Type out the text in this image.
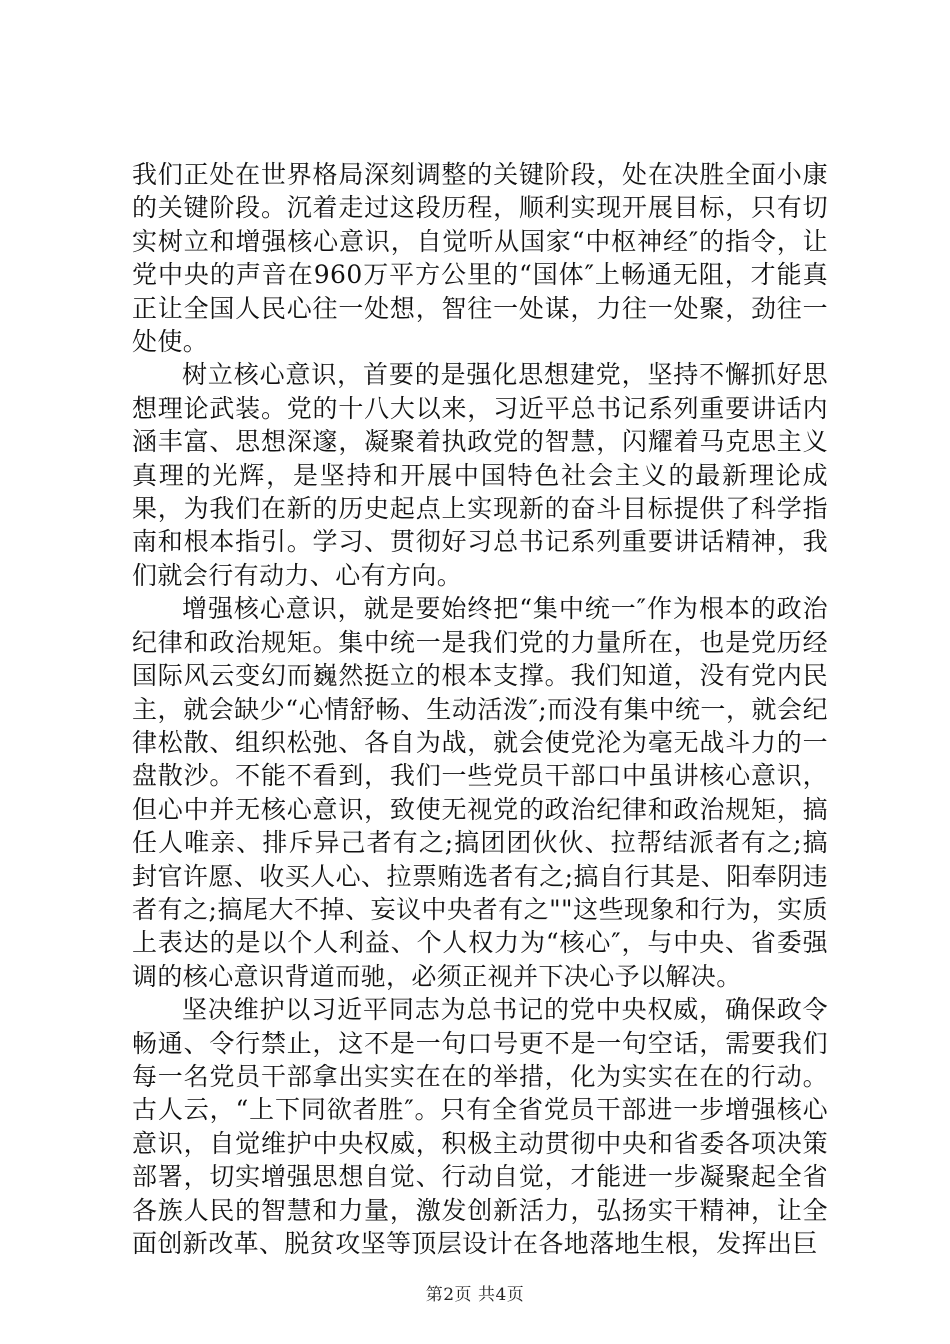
我们正处在世界格局深刻调整的关键阶段，处在决胜全面小康的关键阶段。沉着走过这段历程，顺利实现开展目标，只有切实树立和增强核心意识，自觉听从国家“中枢神经″的指令，让党中央的声音在960万平方公里的“国体″上畅通无阻，才能真正让全国人民心往一处想，智往一处谋，力往一处聚，劲往一处使。

树立核心意识，首要的是强化思想建党，坚持不懈抓好思想理论武装。党的十八大以来，习近平总书记系列重要讲话内涵丰富、思想深邃，凝聚着执政党的智慧，闪耀着马克思主义真理的光辉，是坚持和开展中国特色社会主义的最新理论成果，为我们在新的历史起点上实现新的奋斗目标提供了科学指南和根本指引。学习、贯彻好习总书记系列重要讲话精神，我们就会行有动力、心有方向。

增强核心意识，就是要始终把“集中统一″作为根本的政治纪律和政治规矩。集中统一是我们党的力量所在，也是党历经国际风云变幻而巍然挺立的根本支撑。我们知道，没有党内民主，就会缺少“心情舒畅、生动活泼″;而没有集中统一，就会纪律松散、组织松弛、各自为战，就会使党沦为毫无战斗力的一盘散沙。不能不看到，我们一些党员干部口中虽讲核心意识，但心中并无核心意识，致使无视党的政治纪律和政治规矩，搞任人唯亲、排斥异己者有之;搞团团伙伙、拉帮结派者有之;搞封官许愿、收买人心、拉票贿选者有之;搞自行其是、阳奉阴违者有之;搞尾大不掉、妄议中央者有之""这些现象和行为，实质上表达的是以个人利益、个人权力为“核心″，与中央、省委强调的核心意识背道而驰，必须正视并下决心予以解决。

坚决维护以习近平同志为总书记的党中央权威，确保政令畅通、令行禁止，这不是一句口号更不是一句空话，需要我们每一名党员干部拿出实实在在的举措，化为实实在在的行动。古人云，“上下同欲者胜″。只有全省党员干部进一步增强核心意识，自觉维护中央权威，积极主动贯彻中央和省委各项决策部署，切实增强思想自觉、行动自觉，才能进一步凝聚起全省各族人民的智慧和力量，激发创新活力，弘扬实干精神，让全面创新改革、脱贫攻坚等顶层设计在各地落地生根，发挥出巨

第2页 共4页
